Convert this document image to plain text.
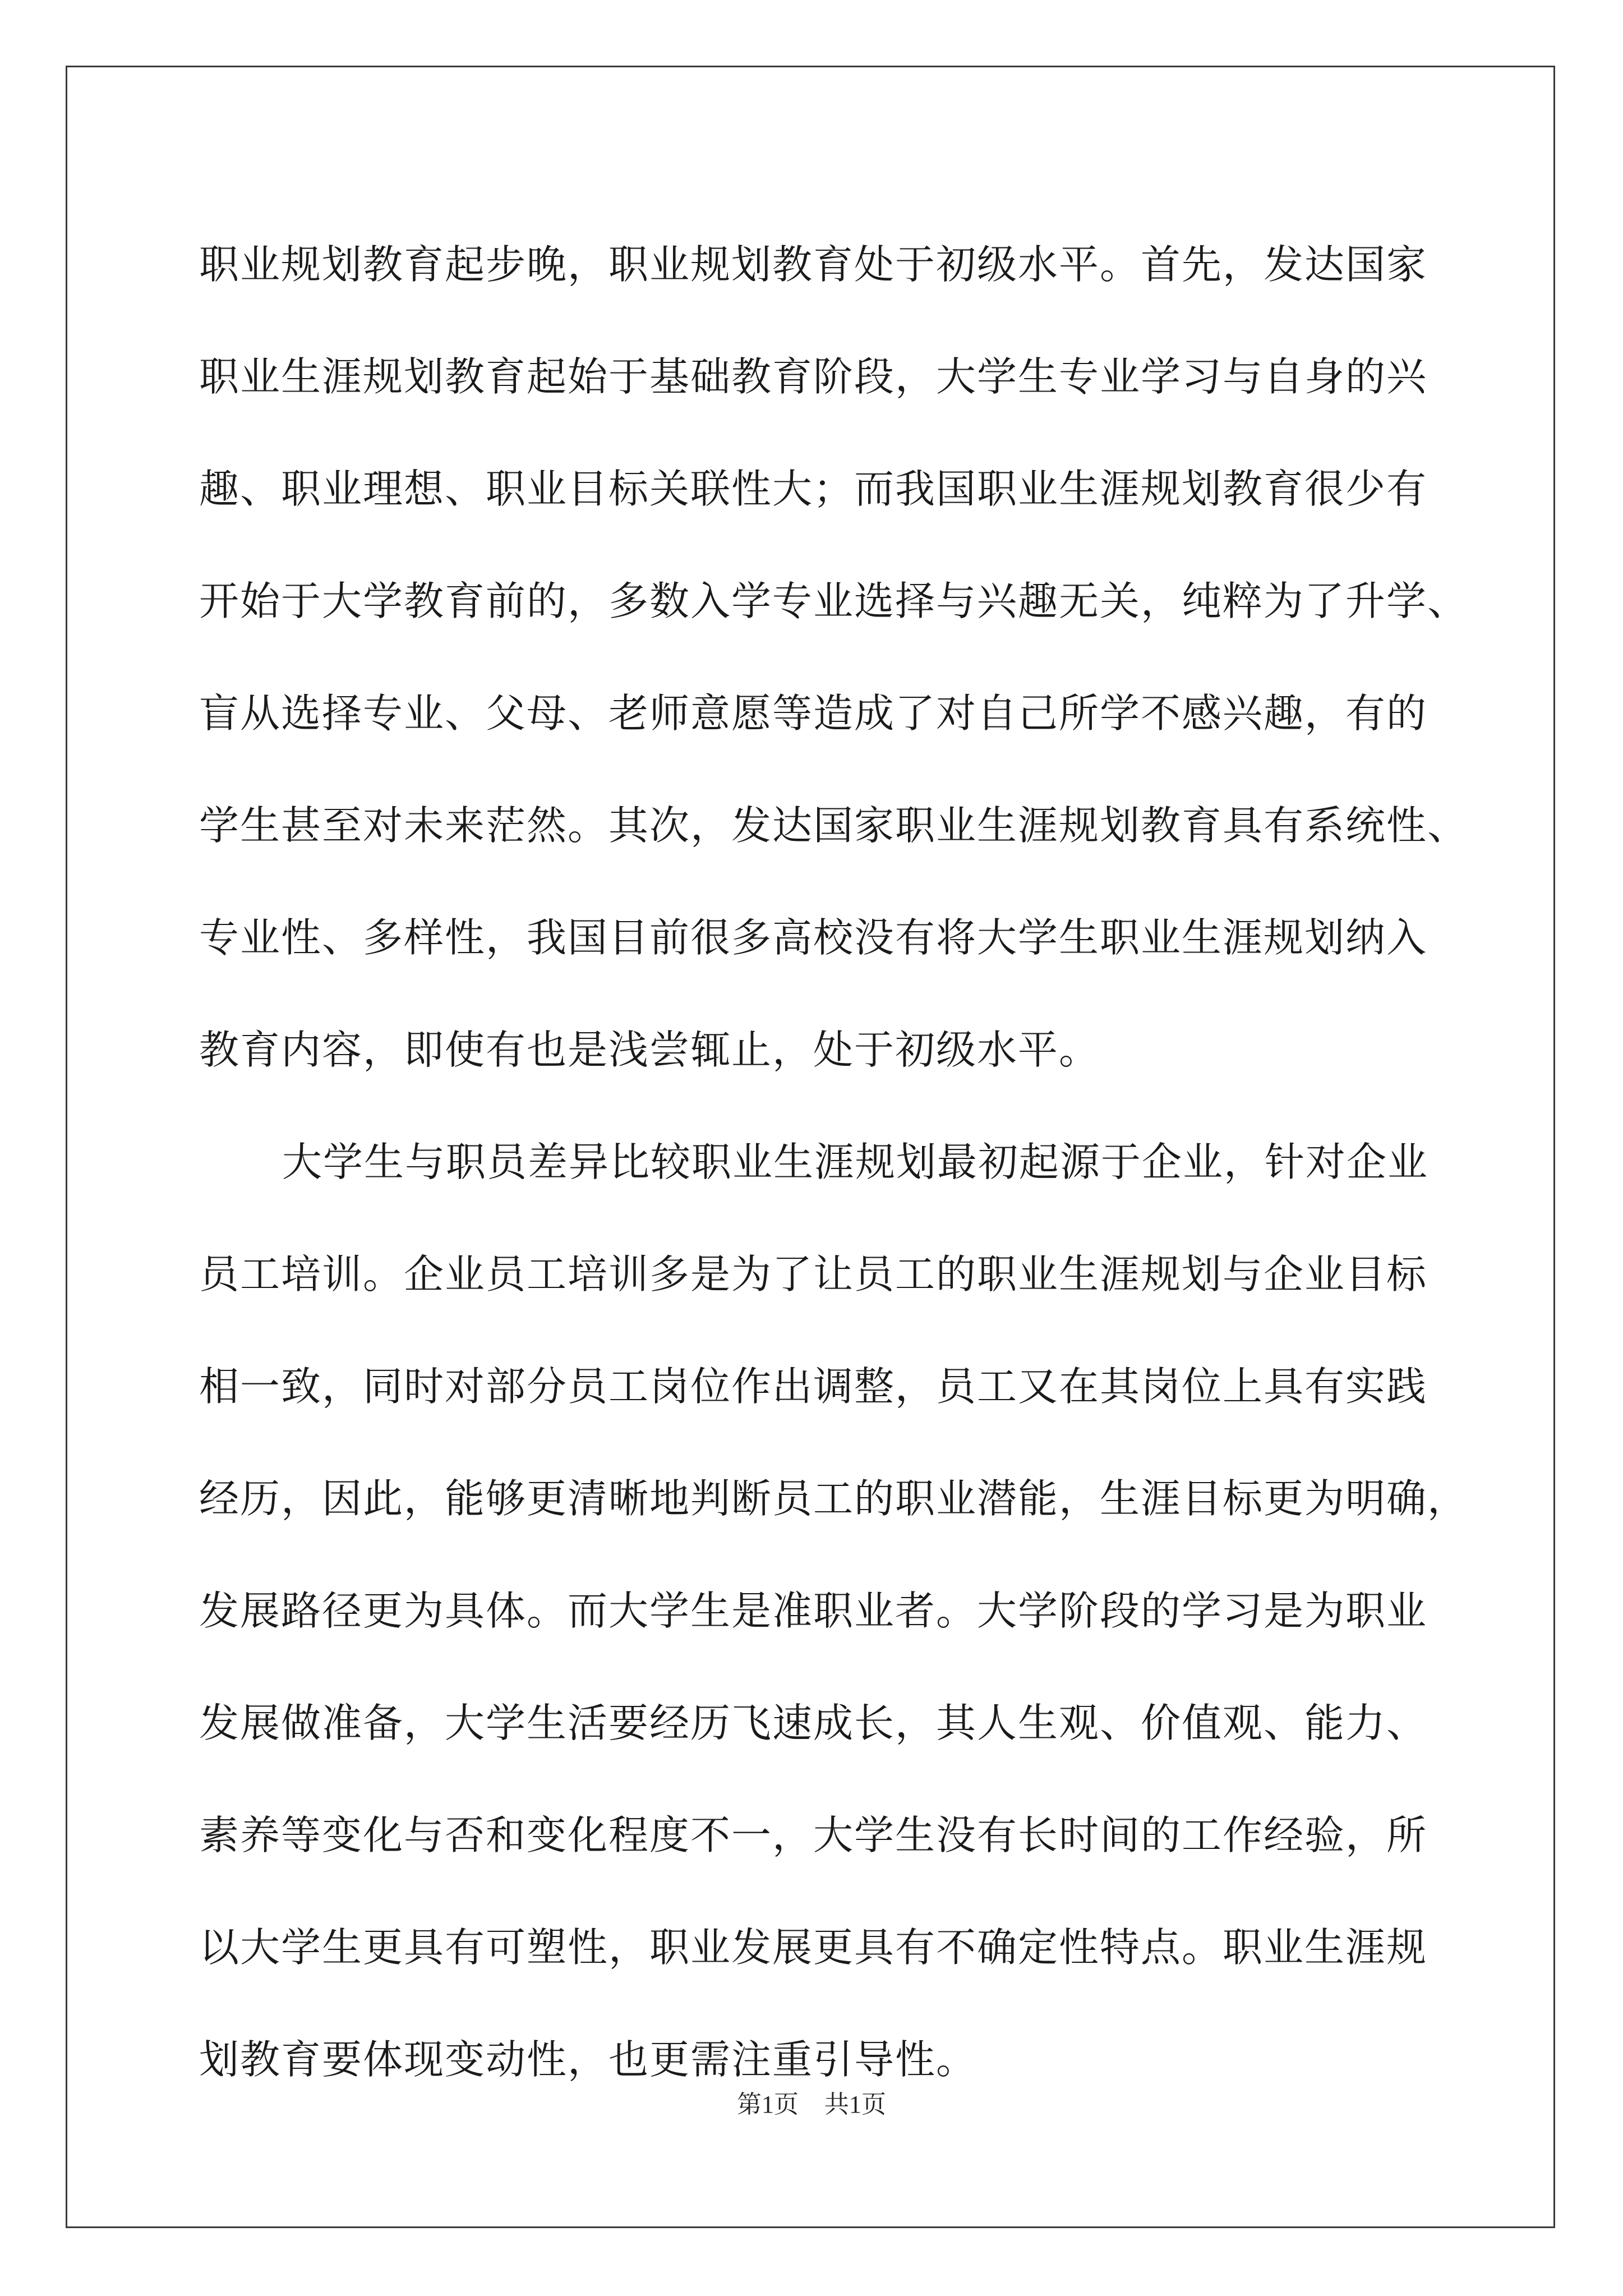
职业规划教育起步晚，职业规划教育处于初级水平。首先，发达国家
职业生涯规划教育起始于基础教育阶段，大学生专业学习与自身的兴
趣、职业理想、职业目标关联性大；而我国职业生涯规划教育很少有
开始于大学教育前的，多数入学专业选择与兴趣无关，纯粹为了升学、
盲从选择专业、父母、老师意愿等造成了对自己所学不感兴趣，有的
学生甚至对未来茫然。其次，发达国家职业生涯规划教育具有系统性、
专业性、多样性，我国目前很多高校没有将大学生职业生涯规划纳入
教育内容，即使有也是浅尝辄止，处于初级水平。
大学生与职员差异比较职业生涯规划最初起源于企业，针对企业
员工培训。企业员工培训多是为了让员工的职业生涯规划与企业目标
相一致，同时对部分员工岗位作出调整，员工又在其岗位上具有实践
经历，因此，能够更清晰地判断员工的职业潜能，生涯目标更为明确，
发展路径更为具体。而大学生是准职业者。大学阶段的学习是为职业
发展做准备，大学生活要经历飞速成长，其人生观、价值观、能力、
素养等变化与否和变化程度不一，大学生没有长时间的工作经验，所
以大学生更具有可塑性，职业发展更具有不确定性特点。职业生涯规
划教育要体现变动性，也更需注重引导性。
第1页 共1页
